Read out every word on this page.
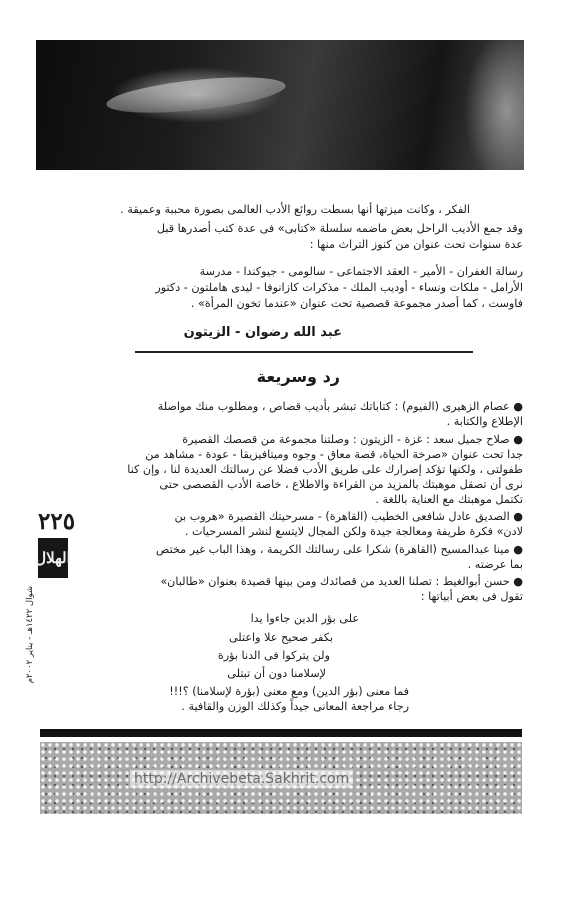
الفكر ، وكانت ميزتها أنها بسطت روائع الأدب العالمى بصورة محببة وعميقة .
وقد جمع الأديب الراحل بعض ماضمه سلسلة «كتابى» فى عدة كتب أصدرها قبل
عدة سنوات تحت عنوان من كنوز التراث منها :
رسالة الغفران - الأمير - العقد الاجتماعى - سالومى - جيوكندا - مدرسة
الأرامل - ملكات ونساء - أوديب الملك - مذكرات كازانوفا - ليدى هاملتون - دكتور
فاوست ، كما أصدر مجموعة قصصية تحت عنوان «عندما تخون المرأة» .
عبد الله رضوان - الزيتون
رد وسريعة
● عصام الزهيرى (الفيوم) : كتاباتك تبشر بأديب قصاص ، ومطلوب منك مواصلة
الإطلاع والكتابة .
● صلاح جميل سعد : غزة - الزيتون : وصلتنا مجموعة من قصصك القصيرة
جدا تحت عنوان «صرخة الحياة، قصة معاق - وجوه وميتافيزيقا - عودة - مشاهد من
طفولتى ، ولكنها تؤكد إصرارك على طريق الأدب فضلا عن رسالتك العديدة لنا ، وإن كنا
نرى أن تصقل موهبتك بالمزيد من القراءة والاطلاع ، خاصة الأدب القصصى حتى
تكتمل موهبتك مع العناية باللغة .
● الصديق عادل شافعى الخطيب (القاهرة) - مسرحيتك القصيرة «هروب بن
لادن» فكرة طريفة ومعالجة جيدة ولكن المجال لايتسع لنشر المسرحيات .
● مينا عبدالمسيح (القاهرة) شكرا على رسالتك الكريمة ، وهذا الباب غير مختص
بما عرضته .
● حسن أبوالغيط : تصلنا العديد من قصائدك ومن بينها قصيدة بعنوان «طالبان»
تقول فى بعض أبياتها :
على بؤر الدين جاءوا يدا
بكفر صحيح علا واعتلى
ولن يتركوا فى الدنا بؤرة
لإسلامنا دون أن تبتلى
فما معنى (بؤر الدين) ومع معنى (بؤرة لإسلامنا) ؟!!!
رجاء مراجعة المعانى جيداً وكذلك الوزن والقافية .
٢٢٥
الهلال
شوال ١٤٢٢هـ - يناير ٢٠٠٢م
http://Archivebeta.Sakhrit.com
